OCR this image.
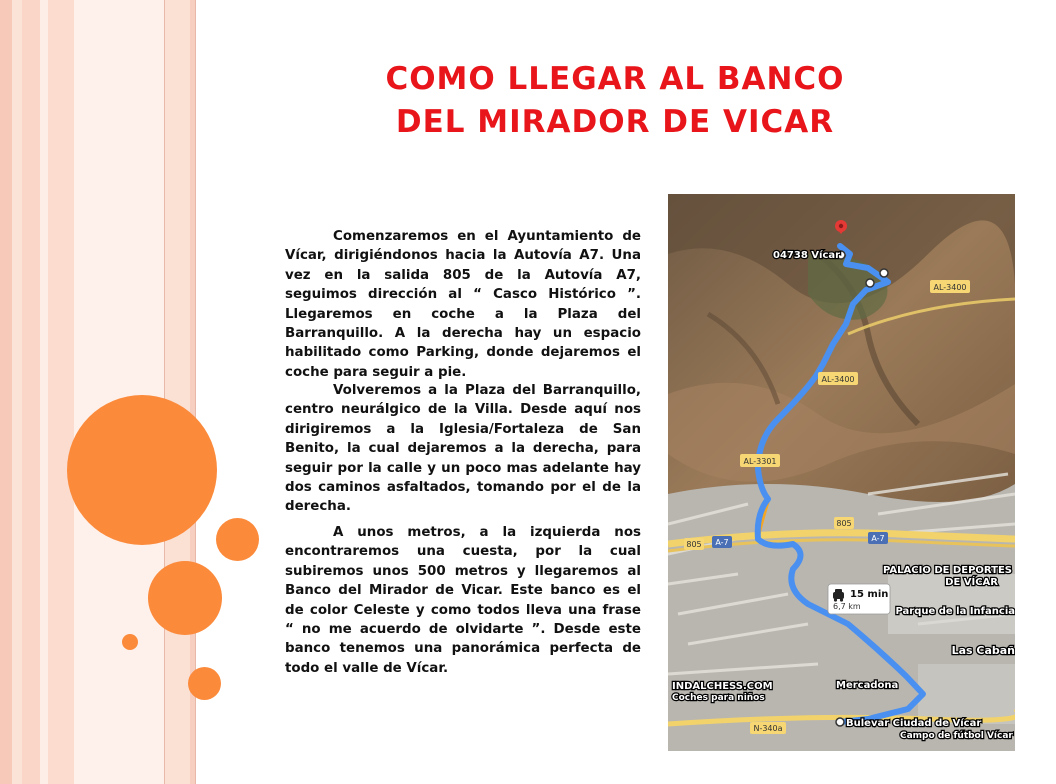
COMO LLEGAR AL BANCO
DEL MIRADOR DE VICAR

Comenzaremos en el Ayuntamiento de Vícar, dirigiéndonos hacia la Autovía A7. Una vez en la salida 805 de la Autovía A7, seguimos dirección al “ Casco Histórico ”. Llegaremos en coche a la Plaza del Barranquillo. A la derecha hay un espacio habilitado como Parking, donde dejaremos el coche para seguir a pie.

Volveremos a la Plaza del Barranquillo, centro neurálgico de la Villa. Desde aquí nos dirigiremos a la Iglesia/Fortaleza de San Benito, la cual dejaremos a la derecha, para seguir por la calle y un poco mas adelante hay dos caminos asfaltados, tomando por el de la derecha.

A unos metros, a la izquierda nos encontraremos una cuesta, por la cual subiremos unos 500 metros y llegaremos al Banco del Mirador de Vicar. Este banco es el de color Celeste y como todos lleva una frase “ no me acuerdo de olvidarte ”. Desde este banco tenemos una panorámica perfecta de todo el valle de Vícar.

AL-3400
AL-3400
AL-3301
805
805 A-7	A-7
N-340a
04738 Vícar
PALACIO DE DEPORTES
DE VÍCAR
Parque de la Infancia
Las Cabañ
INDALCHESS.COM
Coches para niños
Mercadona
Bulevar Ciudad de Vícar
Campo de fútbol Vícar
15 min
6,7 km
